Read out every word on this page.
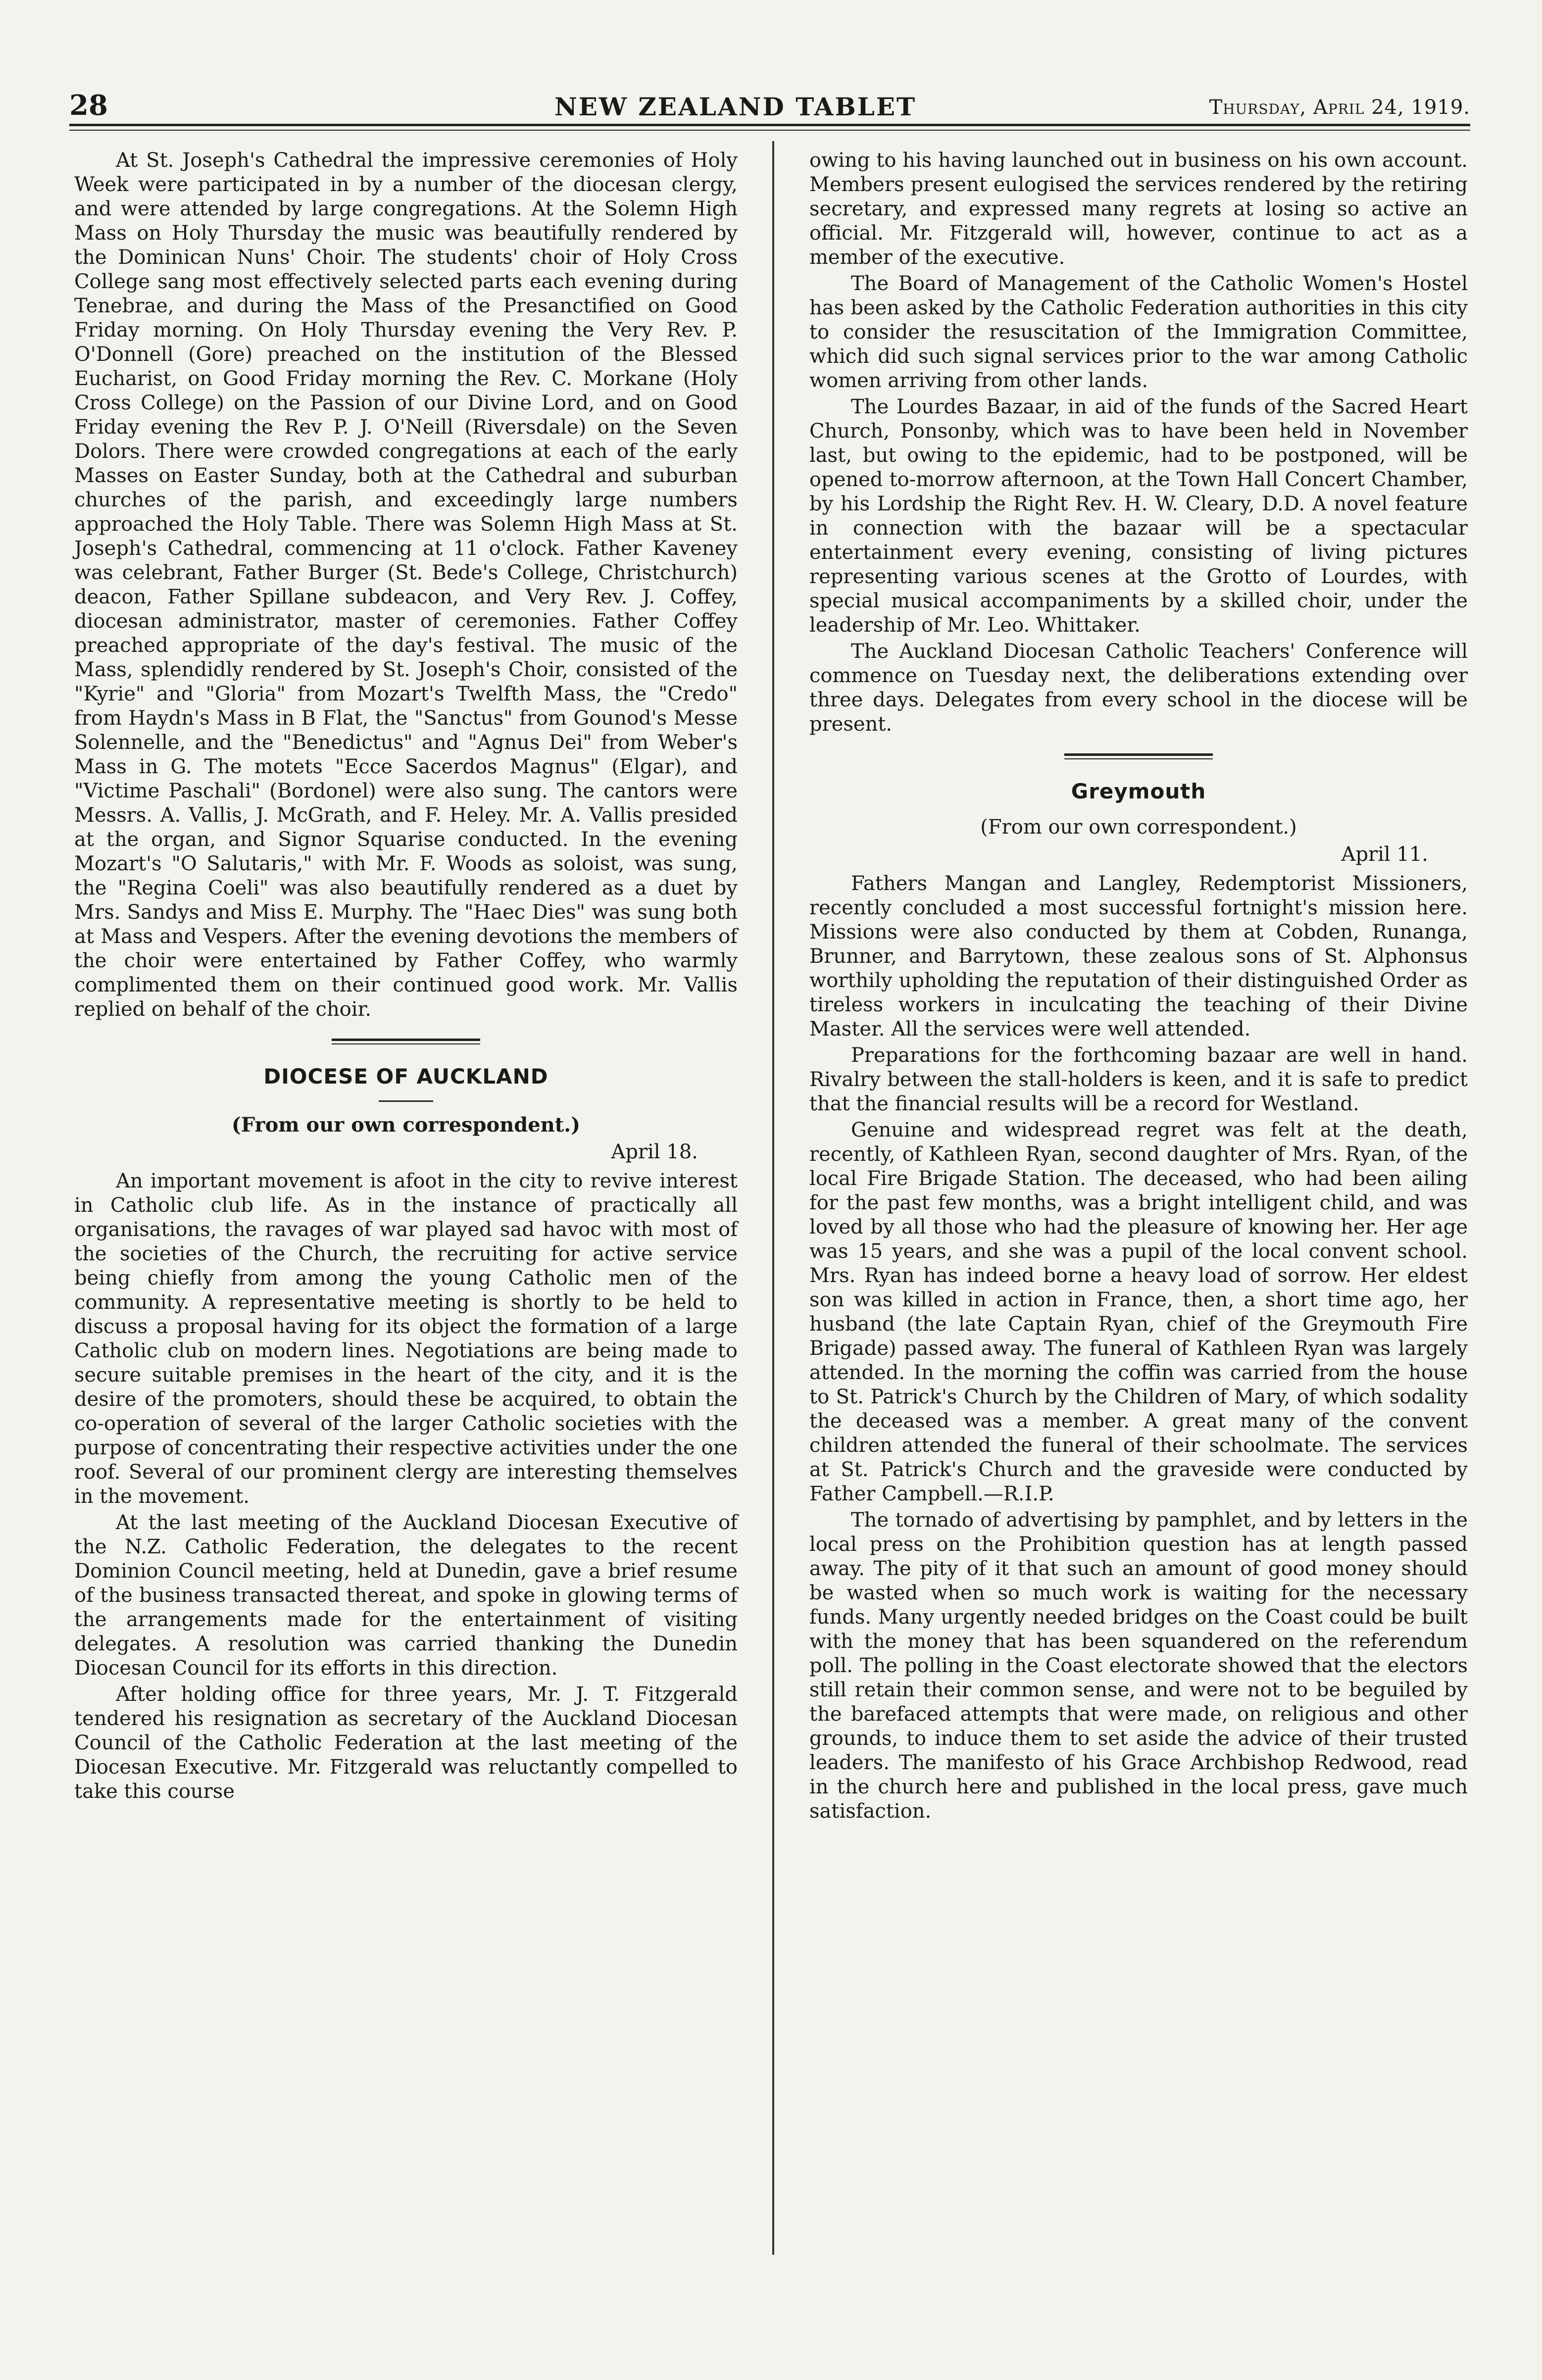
28	NEW ZEALAND TABLET	Thursday, April 24, 1919.

At St. Joseph's Cathedral the impressive ceremonies of Holy Week were participated in by a number of the diocesan clergy, and were attended by large congregations. At the Solemn High Mass on Holy Thursday the music was beautifully rendered by the Dominican Nuns' Choir. The students' choir of Holy Cross College sang most effectively selected parts each evening during Tenebrae, and during the Mass of the Presanctified on Good Friday morning. On Holy Thursday evening the Very Rev. P. O'Donnell (Gore) preached on the institution of the Blessed Eucharist, on Good Friday morning the Rev. C. Morkane (Holy Cross College) on the Passion of our Divine Lord, and on Good Friday evening the Rev P. J. O'Neill (Riversdale) on the Seven Dolors. There were crowded congregations at each of the early Masses on Easter Sunday, both at the Cathedral and suburban churches of the parish, and exceedingly large numbers approached the Holy Table. There was Solemn High Mass at St. Joseph's Cathedral, commencing at 11 o'clock. Father Kaveney was celebrant, Father Burger (St. Bede's College, Christchurch) deacon, Father Spillane subdeacon, and Very Rev. J. Coffey, diocesan administrator, master of ceremonies. Father Coffey preached appropriate of the day's festival. The music of the Mass, splendidly rendered by St. Joseph's Choir, consisted of the "Kyrie" and "Gloria" from Mozart's Twelfth Mass, the "Credo" from Haydn's Mass in B Flat, the "Sanctus" from Gounod's Messe Solennelle, and the "Benedictus" and "Agnus Dei" from Weber's Mass in G. The motets "Ecce Sacerdos Magnus" (Elgar), and "Victime Paschali" (Bordonel) were also sung. The cantors were Messrs. A. Vallis, J. McGrath, and F. Heley. Mr. A. Vallis presided at the organ, and Signor Squarise conducted. In the evening Mozart's "O Salutaris," with Mr. F. Woods as soloist, was sung, the "Regina Coeli" was also beautifully rendered as a duet by Mrs. Sandys and Miss E. Murphy. The "Haec Dies" was sung both at Mass and Vespers. After the evening devotions the members of the choir were entertained by Father Coffey, who warmly complimented them on their continued good work. Mr. Vallis replied on behalf of the choir.

DIOCESE OF AUCKLAND
(From our own correspondent.)
April 18.

An important movement is afoot in the city to revive interest in Catholic club life. As in the instance of practically all organisations, the ravages of war played sad havoc with most of the societies of the Church, the recruiting for active service being chiefly from among the young Catholic men of the community. A representative meeting is shortly to be held to discuss a proposal having for its object the formation of a large Catholic club on modern lines. Negotiations are being made to secure suitable premises in the heart of the city, and it is the desire of the promoters, should these be acquired, to obtain the co-operation of several of the larger Catholic societies with the purpose of concentrating their respective activities under the one roof. Several of our prominent clergy are interesting themselves in the movement.

At the last meeting of the Auckland Diocesan Executive of the N.Z. Catholic Federation, the delegates to the recent Dominion Council meeting, held at Dunedin, gave a brief resume of the business transacted thereat, and spoke in glowing terms of the arrangements made for the entertainment of visiting delegates. A resolution was carried thanking the Dunedin Diocesan Council for its efforts in this direction.

After holding office for three years, Mr. J. T. Fitzgerald tendered his resignation as secretary of the Auckland Diocesan Council of the Catholic Federation at the last meeting of the Diocesan Executive. Mr. Fitzgerald was reluctantly compelled to take this course

owing to his having launched out in business on his own account. Members present eulogised the services rendered by the retiring secretary, and expressed many regrets at losing so active an official. Mr. Fitzgerald will, however, continue to act as a member of the executive.

The Board of Management of the Catholic Women's Hostel has been asked by the Catholic Federation authorities in this city to consider the resuscitation of the Immigration Committee, which did such signal services prior to the war among Catholic women arriving from other lands.

The Lourdes Bazaar, in aid of the funds of the Sacred Heart Church, Ponsonby, which was to have been held in November last, but owing to the epidemic, had to be postponed, will be opened to-morrow afternoon, at the Town Hall Concert Chamber, by his Lordship the Right Rev. H. W. Cleary, D.D. A novel feature in connection with the bazaar will be a spectacular entertainment every evening, consisting of living pictures representing various scenes at the Grotto of Lourdes, with special musical accompaniments by a skilled choir, under the leadership of Mr. Leo. Whittaker.

The Auckland Diocesan Catholic Teachers' Conference will commence on Tuesday next, the deliberations extending over three days. Delegates from every school in the diocese will be present.

Greymouth
(From our own correspondent.)
April 11.

Fathers Mangan and Langley, Redemptorist Missioners, recently concluded a most successful fortnight's mission here. Missions were also conducted by them at Cobden, Runanga, Brunner, and Barrytown, these zealous sons of St. Alphonsus worthily upholding the reputation of their distinguished Order as tireless workers in inculcating the teaching of their Divine Master. All the services were well attended.

Preparations for the forthcoming bazaar are well in hand. Rivalry between the stall-holders is keen, and it is safe to predict that the financial results will be a record for Westland.

Genuine and widespread regret was felt at the death, recently, of Kathleen Ryan, second daughter of Mrs. Ryan, of the local Fire Brigade Station. The deceased, who had been ailing for the past few months, was a bright intelligent child, and was loved by all those who had the pleasure of knowing her. Her age was 15 years, and she was a pupil of the local convent school. Mrs. Ryan has indeed borne a heavy load of sorrow. Her eldest son was killed in action in France, then, a short time ago, her husband (the late Captain Ryan, chief of the Greymouth Fire Brigade) passed away. The funeral of Kathleen Ryan was largely attended. In the morning the coffin was carried from the house to St. Patrick's Church by the Children of Mary, of which sodality the deceased was a member. A great many of the convent children attended the funeral of their schoolmate. The services at St. Patrick's Church and the graveside were conducted by Father Campbell.—R.I.P.

The tornado of advertising by pamphlet, and by letters in the local press on the Prohibition question has at length passed away. The pity of it that such an amount of good money should be wasted when so much work is waiting for the necessary funds. Many urgently needed bridges on the Coast could be built with the money that has been squandered on the referendum poll. The polling in the Coast electorate showed that the electors still retain their common sense, and were not to be beguiled by the barefaced attempts that were made, on religious and other grounds, to induce them to set aside the advice of their trusted leaders. The manifesto of his Grace Archbishop Redwood, read in the church here and published in the local press, gave much satisfaction.
